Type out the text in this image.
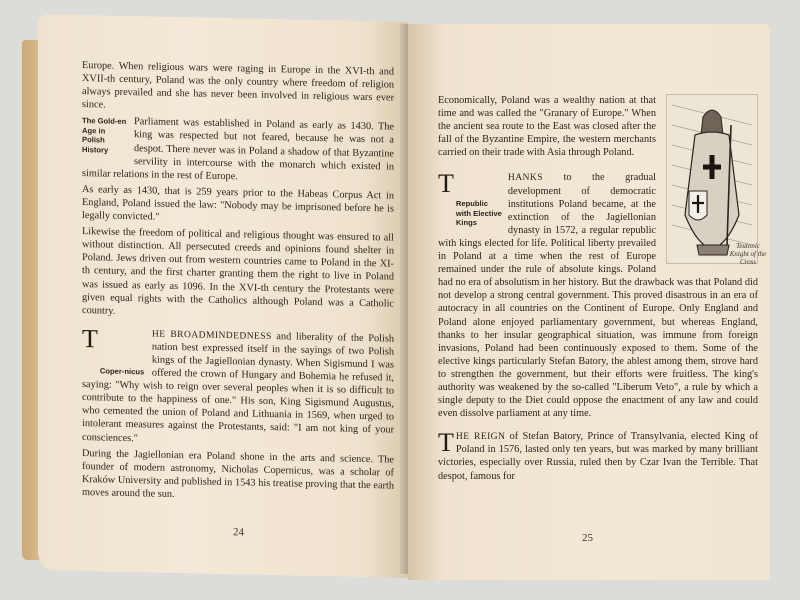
Europe. When religious wars were raging in Europe in the XVI-th and XVII-th century, Poland was the only country where freedom of religion always prevailed and she has never been involved in religious wars ever since.

The Gold-en Age in Polish History

Parliament was established in Poland as early as 1430. The king was respected but not feared, because he was not a despot. There never was in Poland a shadow of that Byzantine servility in intercourse with the monarch which existed in similar relations in the rest of Europe.

As early as 1430, that is 259 years prior to the Habeas Corpus Act in England, Poland issued the law: "Nobody may be imprisoned before he is legally convicted."

Likewise the freedom of political and religious thought was ensured to all without distinction. All persecuted creeds and opinions found shelter in Poland. Jews driven out from western countries came to Poland in the XI-th century, and the first charter granting them the right to live in Poland was issued as early as 1096. In the XVI-th century the Protestants were given equal rights with the Catholics although Poland was a Catholic country.

T	HE BROADMINDEDNESS
Coper-nicus
and liberality of the Polish nation best expressed itself in the sayings of two Polish kings of the Jagiellonian dynasty. When Sigismund I was offered the crown of Hungary and Bohemia he refused it, saying: "Why wish to reign over several peoples when it is so difficult to contribute to the happiness of one." His son, King Sigismund Augustus, who cemented the union of Poland and Lithuania in 1569, when urged to intolerant measures against the Protestants, said: "I am not king of your consciences."

During the Jagiellonian era Poland shone in the arts and science. The founder of modern astronomy, Nicholas Copernicus, was a scholar of Kraków University and published in 1543 his treatise proving that the earth moves around the sun.

24

Economically, Poland was a wealthy nation at that time and was called the "Granary of Europe." When the ancient sea route to the East was closed after the fall of the Byzantine Empire, the western merchants carried on their trade with Asia through Poland.

T	HANKS
Republic with Elective Kings
to the gradual development of democratic institutions Poland became, at the extinction of the Jagiellonian dynasty in 1572, a regular republic with kings elected for life. Political liberty prevailed in Poland at a time when the rest of Europe remained under the rule of absolute kings. Poland had no era of absolutism in her history. But the drawback was that Poland did not develop a strong central government. This proved disastrous in an era of autocracy in all countries on the Continent of Europe. Only England and Poland alone enjoyed parliamentary government, but whereas England, thanks to her insular geographical situation, was immune from foreign invasions, Poland had been continuously exposed to them. Some of the elective kings particularly Stefan Batory, the ablest among them, strove hard to strengthen the government, but their efforts were fruitless. The king's authority was weakened by the so-called "Liberum Veto", a rule by which a single deputy to the Diet could oppose the enactment of any law and could even dissolve parliament at any time.

THE REIGN of Stefan Batory, Prince of Transylvania, elected King of Poland in 1576, lasted only ten years, but was marked by many brilliant victories, especially over Russia, ruled then by Czar Ivan the Terrible. That despot, famous for

Teutonic Knight of the Cross
25
